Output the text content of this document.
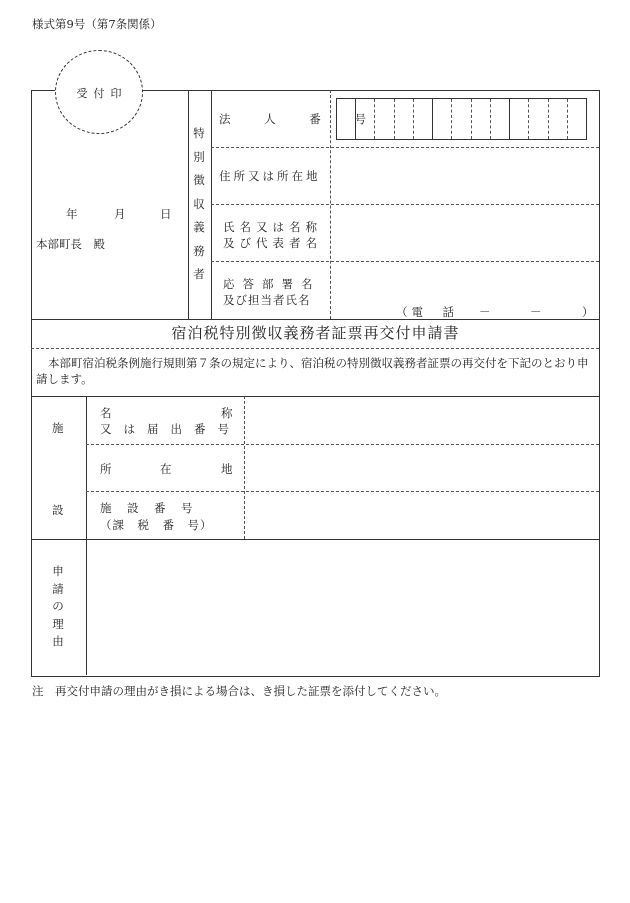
様式第9号（第7条関係）
受付印
年	月	日
本部町長　殿
特
別
徴
収
義
務
者
法 人 番 号
住所又は所在地
氏名又は名称
及び代表者名
応答部署名
及び担当者氏名
（電　話 －	－	）
宿泊税特別徴収義務者証票再交付申請書
本部町宿泊税条例施行規則第７条の規定により、宿泊税の特別徴収義務者証票の再交付を下記のとおり申請します。
施
設
名	称
又は届出番号
所	在	地
施　設　番　号
（課　税　番　号）
申
請
の
理
由
注　再交付申請の理由がき損による場合は、き損した証票を添付してください。
